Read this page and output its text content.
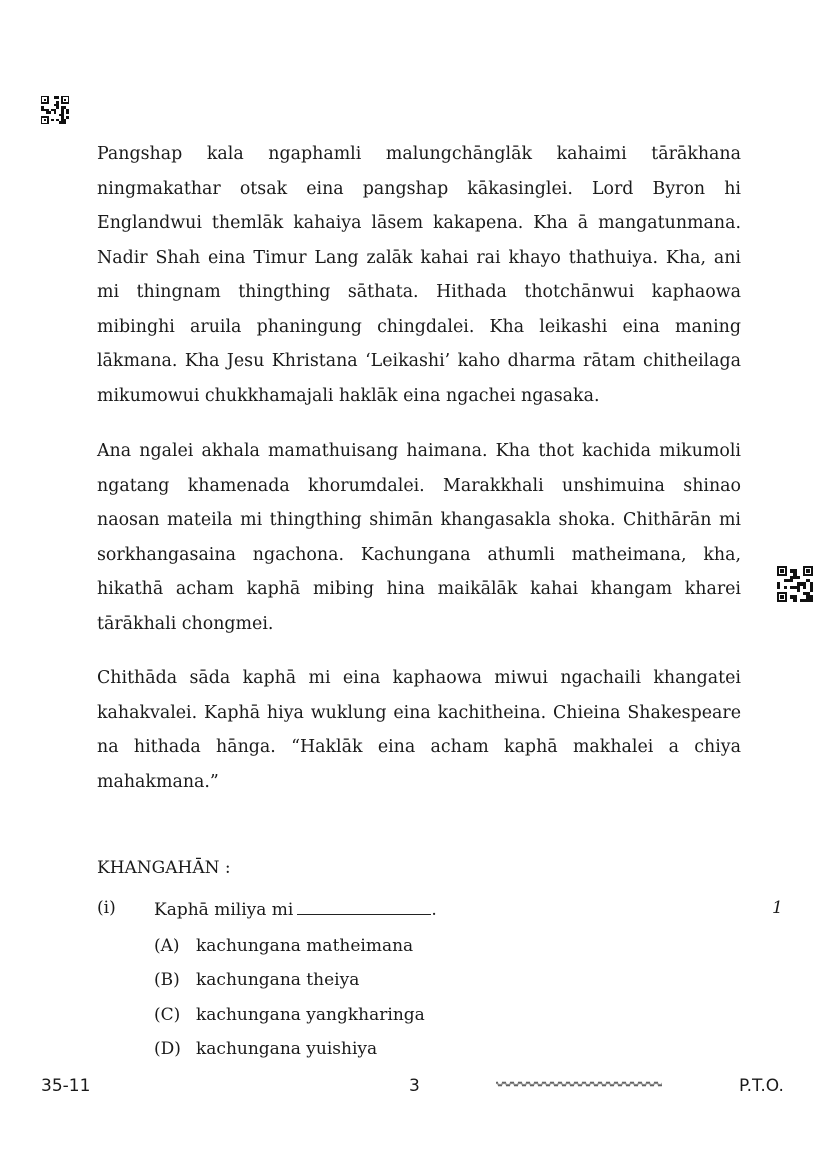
Pangshap kala ngaphamli malungchānglāk kahaimi tārākhana ningmakathar otsak eina pangshap kākasinglei. Lord Byron hi Englandwui themlāk kahaiya lāsem kakapena. Kha ā mangatunmana. Nadir Shah eina Timur Lang zalāk kahai rai khayo thathuiya. Kha, ani mi thingnam thingthing sāthata. Hithada thotchānwui kaphaowa mibinghi aruila phaningung chingdalei. Kha leikashi eina maning lākmana. Kha Jesu Khristana ‘Leikashi’ kaho dharma rātam chitheilaga mikumowui chukkhamajali haklāk eina ngachei ngasaka.
Ana ngalei akhala mamathuisang haimana. Kha thot kachida mikumoli ngatang khamenada khorumdalei. Marakkhali unshimuina shinao naosan mateila mi thingthing shimān khangasakla shoka. Chithārān mi sorkhangasaina ngachona. Kachungana athumli matheimana, kha, hikathā acham kaphā mibing hina maikālāk kahai khangam kharei tārākhali chongmei.
Chithāda sāda kaphā mi eina kaphaowa miwui ngachaili khangatei kahakvalei. Kaphā hiya wuklung eina kachitheina. Chieina Shakespeare na hithada hānga. “Haklāk eina acham kaphā makhalei a chiya mahakmana.”
KHANGAHĀN :
(i) Kaphā miliya mi	.	1
(A) kachungana matheimana
(B) kachungana theiya
(C) kachungana yangkharinga
(D) kachungana yuishiya
35-11	3	P.T.O.
